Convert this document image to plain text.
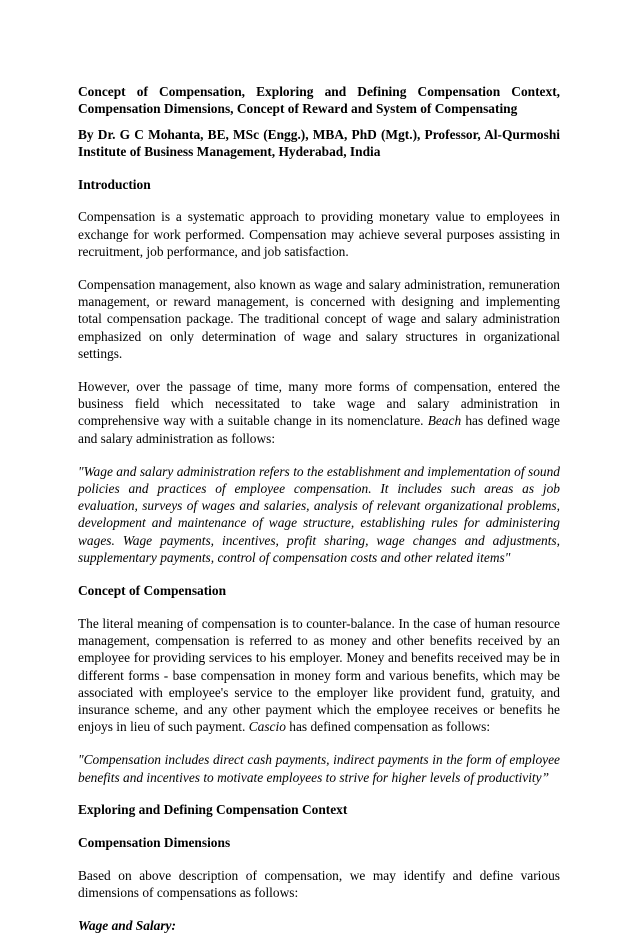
Concept of Compensation, Exploring and Defining Compensation Context, Compensation Dimensions, Concept of Reward and System of Compensating

By Dr. G C Mohanta, BE, MSc (Engg.), MBA, PhD (Mgt.), Professor, Al-Qurmoshi Institute of Business Management, Hyderabad, India

Introduction

Compensation is a systematic approach to providing monetary value to employees in exchange for work performed. Compensation may achieve several purposes assisting in recruitment, job performance, and job satisfaction.

Compensation management, also known as wage and salary administration, remuneration management, or reward management, is concerned with designing and implementing total compensation package. The traditional concept of wage and salary administration emphasized on only determination of wage and salary structures in organizational settings.

However, over the passage of time, many more forms of compensation, entered the business field which necessitated to take wage and salary administration in comprehensive way with a suitable change in its nomenclature. Beach has defined wage and salary administration as follows:

"Wage and salary administration refers to the establishment and implementation of sound policies and practices of employee compensation. It includes such areas as job evaluation, surveys of wages and salaries, analysis of relevant organizational problems, development and maintenance of wage structure, establishing rules for administering wages. Wage payments, incentives, profit sharing, wage changes and adjustments, supplementary payments, control of compensation costs and other related items"

Concept of Compensation

The literal meaning of compensation is to counter-balance. In the case of human resource management, compensation is referred to as money and other benefits received by an employee for providing services to his employer. Money and benefits received may be in different forms - base compensation in money form and various benefits, which may be associated with employee's service to the employer like provident fund, gratuity, and insurance scheme, and any other payment which the employee receives or benefits he enjoys in lieu of such payment. Cascio has defined compensation as follows:

"Compensation includes direct cash payments, indirect payments in the form of employee benefits and incentives to motivate employees to strive for higher levels of productivity”

Exploring and Defining Compensation Context

Compensation Dimensions

Based on above description of compensation, we may identify and define various dimensions of compensations as follows:

Wage and Salary:
